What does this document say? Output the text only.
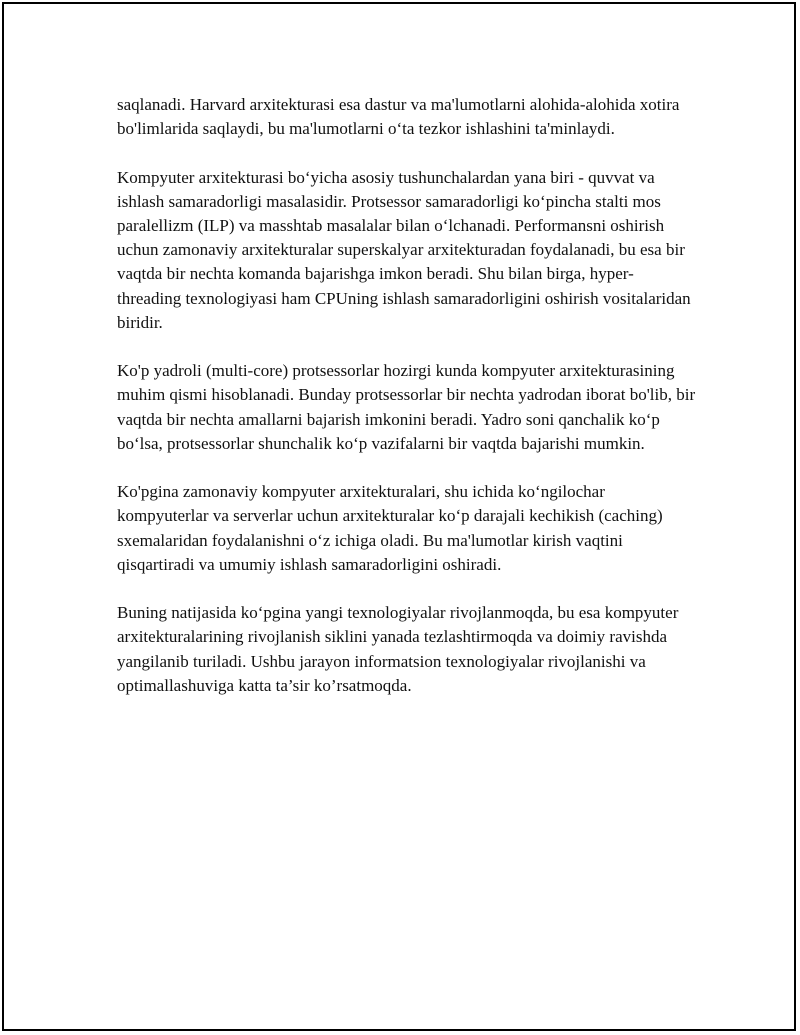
saqlanadi. Harvard arxitekturasi esa dastur va ma'lumotlarni alohida-alohida xotira bo'limlarida saqlaydi, bu ma'lumotlarni o‘ta tezkor ishlashini ta'minlaydi.

Kompyuter arxitekturasi bo‘yicha asosiy tushunchalardan yana biri - quvvat va ishlash samaradorligi masalasidir. Protsessor samaradorligi ko‘pincha stalti mos paralellizm (ILP) va masshtab masalalar bilan o‘lchanadi. Performansni oshirish uchun zamonaviy arxitekturalar superskalyar arxitekturadan foydalanadi, bu esa bir vaqtda bir nechta komanda bajarishga imkon beradi. Shu bilan birga, hyper-threading texnologiyasi ham CPUning ishlash samaradorligini oshirish vositalaridan biridir.

Ko'p yadroli (multi-core) protsessorlar hozirgi kunda kompyuter arxitekturasining muhim qismi hisoblanadi. Bunday protsessorlar bir nechta yadrodan iborat bo'lib, bir vaqtda bir nechta amallarni bajarish imkonini beradi. Yadro soni qanchalik ko‘p bo‘lsa, protsessorlar shunchalik ko‘p vazifalarni bir vaqtda bajarishi mumkin.

Ko'pgina zamonaviy kompyuter arxitekturalari, shu ichida ko‘ngilochar kompyuterlar va serverlar uchun arxitekturalar ko‘p darajali kechikish (caching) sxemalaridan foydalanishni o‘z ichiga oladi. Bu ma'lumotlar kirish vaqtini qisqartiradi va umumiy ishlash samaradorligini oshiradi.

Buning natijasida ko‘pgina yangi texnologiyalar rivojlanmoqda, bu esa kompyuter arxitekturalarining rivojlanish siklini yanada tezlashtirmoqda va doimiy ravishda yangilanib turiladi. Ushbu jarayon informatsion texnologiyalar rivojlanishi va optimallashuviga katta ta’sir ko’rsatmoqda.
